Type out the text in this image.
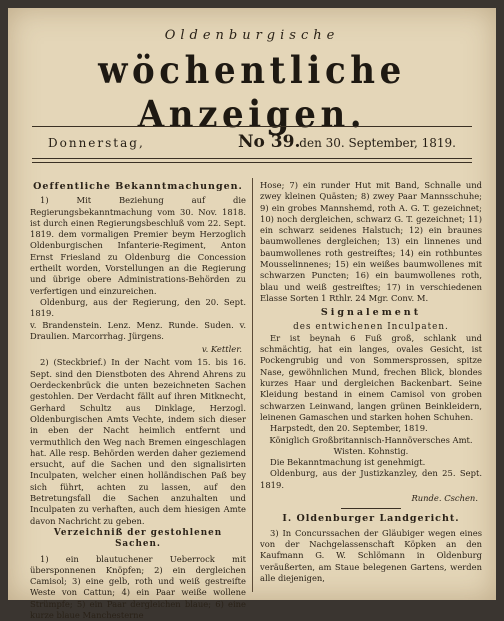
Oldenburgische
wöchentliche Anzeigen.
Donnerstag,	No 39.
den 30. September, 1819.
Oeffentliche Bekanntmachungen.

1) Mit Beziehung auf die Regierungsbekanntmachung vom 30. Nov. 1818. ist durch einen Regierungsbeschluß vom 22. Sept. 1819. dem vormaligen Premier beym Herzoglich Oldenburgischen Infanterie-Regiment, Anton Ernst Friesland zu Oldenburg die Concession ertheilt worden, Vorstellungen an die Regierung und übrige obere Administrations-Behörden zu verfertigen und einzureichen.

Oldenburg, aus der Regierung, den 20. Sept. 1819.

v. Brandenstein. Lenz. Menz. Runde. Suden. v. Draulien. Marcorrhag. Jürgens.

v. Kettler.

2) (Steckbrief.) In der Nacht vom 15. bis 16. Sept. sind den Dienstboten des Ahrend Ahrens zu Oerdeckenbrück die unten bezeichneten Sachen gestohlen. Der Verdacht fällt auf ihren Mitknecht, Gerhard Schultz aus Dinklage, Herzogl. Oldenburgischen Amts Vechte, indem sich dieser in eben der Nacht heimlich entfernt und vermuthlich den Weg nach Bremen eingeschlagen hat. Alle resp. Behörden werden daher geziemend ersucht, auf die Sachen und den signalisirten Inculpaten, welcher einen holländischen Paß bey sich führt, achten zu lassen, auf den Betretungsfall die Sachen anzuhalten und Inculpaten zu verhaften, auch dem hiesigen Amte davon Nachricht zu geben.

Verzeichniß der gestohlenen Sachen.

1) ein blautuchener Ueberrock mit übersponnenen Knöpfen; 2) ein dergleichen Camisol; 3) eine gelb, roth und weiß gestreifte Weste von Cattun; 4) ein Paar weiße wollene Strümpfe; 5) ein Paar dergleichen blaue; 6) eine kurze blaue Manchesterne

Hose; 7) ein runder Hut mit Band, Schnalle und zwey kleinen Quästen; 8) zwey Paar Mannsschuhe; 9) ein grobes Mannshemd, roth A. G. T. gezeichnet; 10) noch dergleichen, schwarz G. T. gezeichnet; 11) ein schwarz seidenes Halstuch; 12) ein braunes baumwollenes dergleichen; 13) ein linnenes und baumwollenes roth gestreiftes; 14) ein rothbuntes Mousselinnenes; 15) ein weißes baumwollenes mit schwarzen Puncten; 16) ein baumwollenes roth, blau und weiß gestreiftes; 17) in verschiedenen Elasse Sorten 1 Rthlr. 24 Mgr. Conv. M.

Signalement
des entwichenen Inculpaten.

Er ist beynah 6 Fuß groß, schlank und schmächtig, hat ein langes, ovales Gesicht, ist Pockengrubig und von Sommersprossen, spitze Nase, gewöhnlichen Mund, frechen Blick, blondes kurzes Haar und dergleichen Backenbart. Seine Kleidung bestand in einem Camisol von groben schwarzen Leinwand, langen grünen Beinkleidern, leinenen Gamaschen und starken hohen Schuhen.

Harpstedt, den 20. September, 1819.

Königlich Großbritannisch-Hannöversches Amt. Wisten. Kohnstig.

Die Bekanntmachung ist genehmigt.

Oldenburg, aus der Justizkanzley, den 25. Sept. 1819.

Runde. Cschen.
I. Oldenburger Landgericht.

3) In Concurssachen der Gläubiger wegen eines von der Nachgelassenschaft Köpken an den Kaufmann G. W. Schlömann in Oldenburg veräußerten, am Staue belegenen Gartens, werden alle diejenigen,
